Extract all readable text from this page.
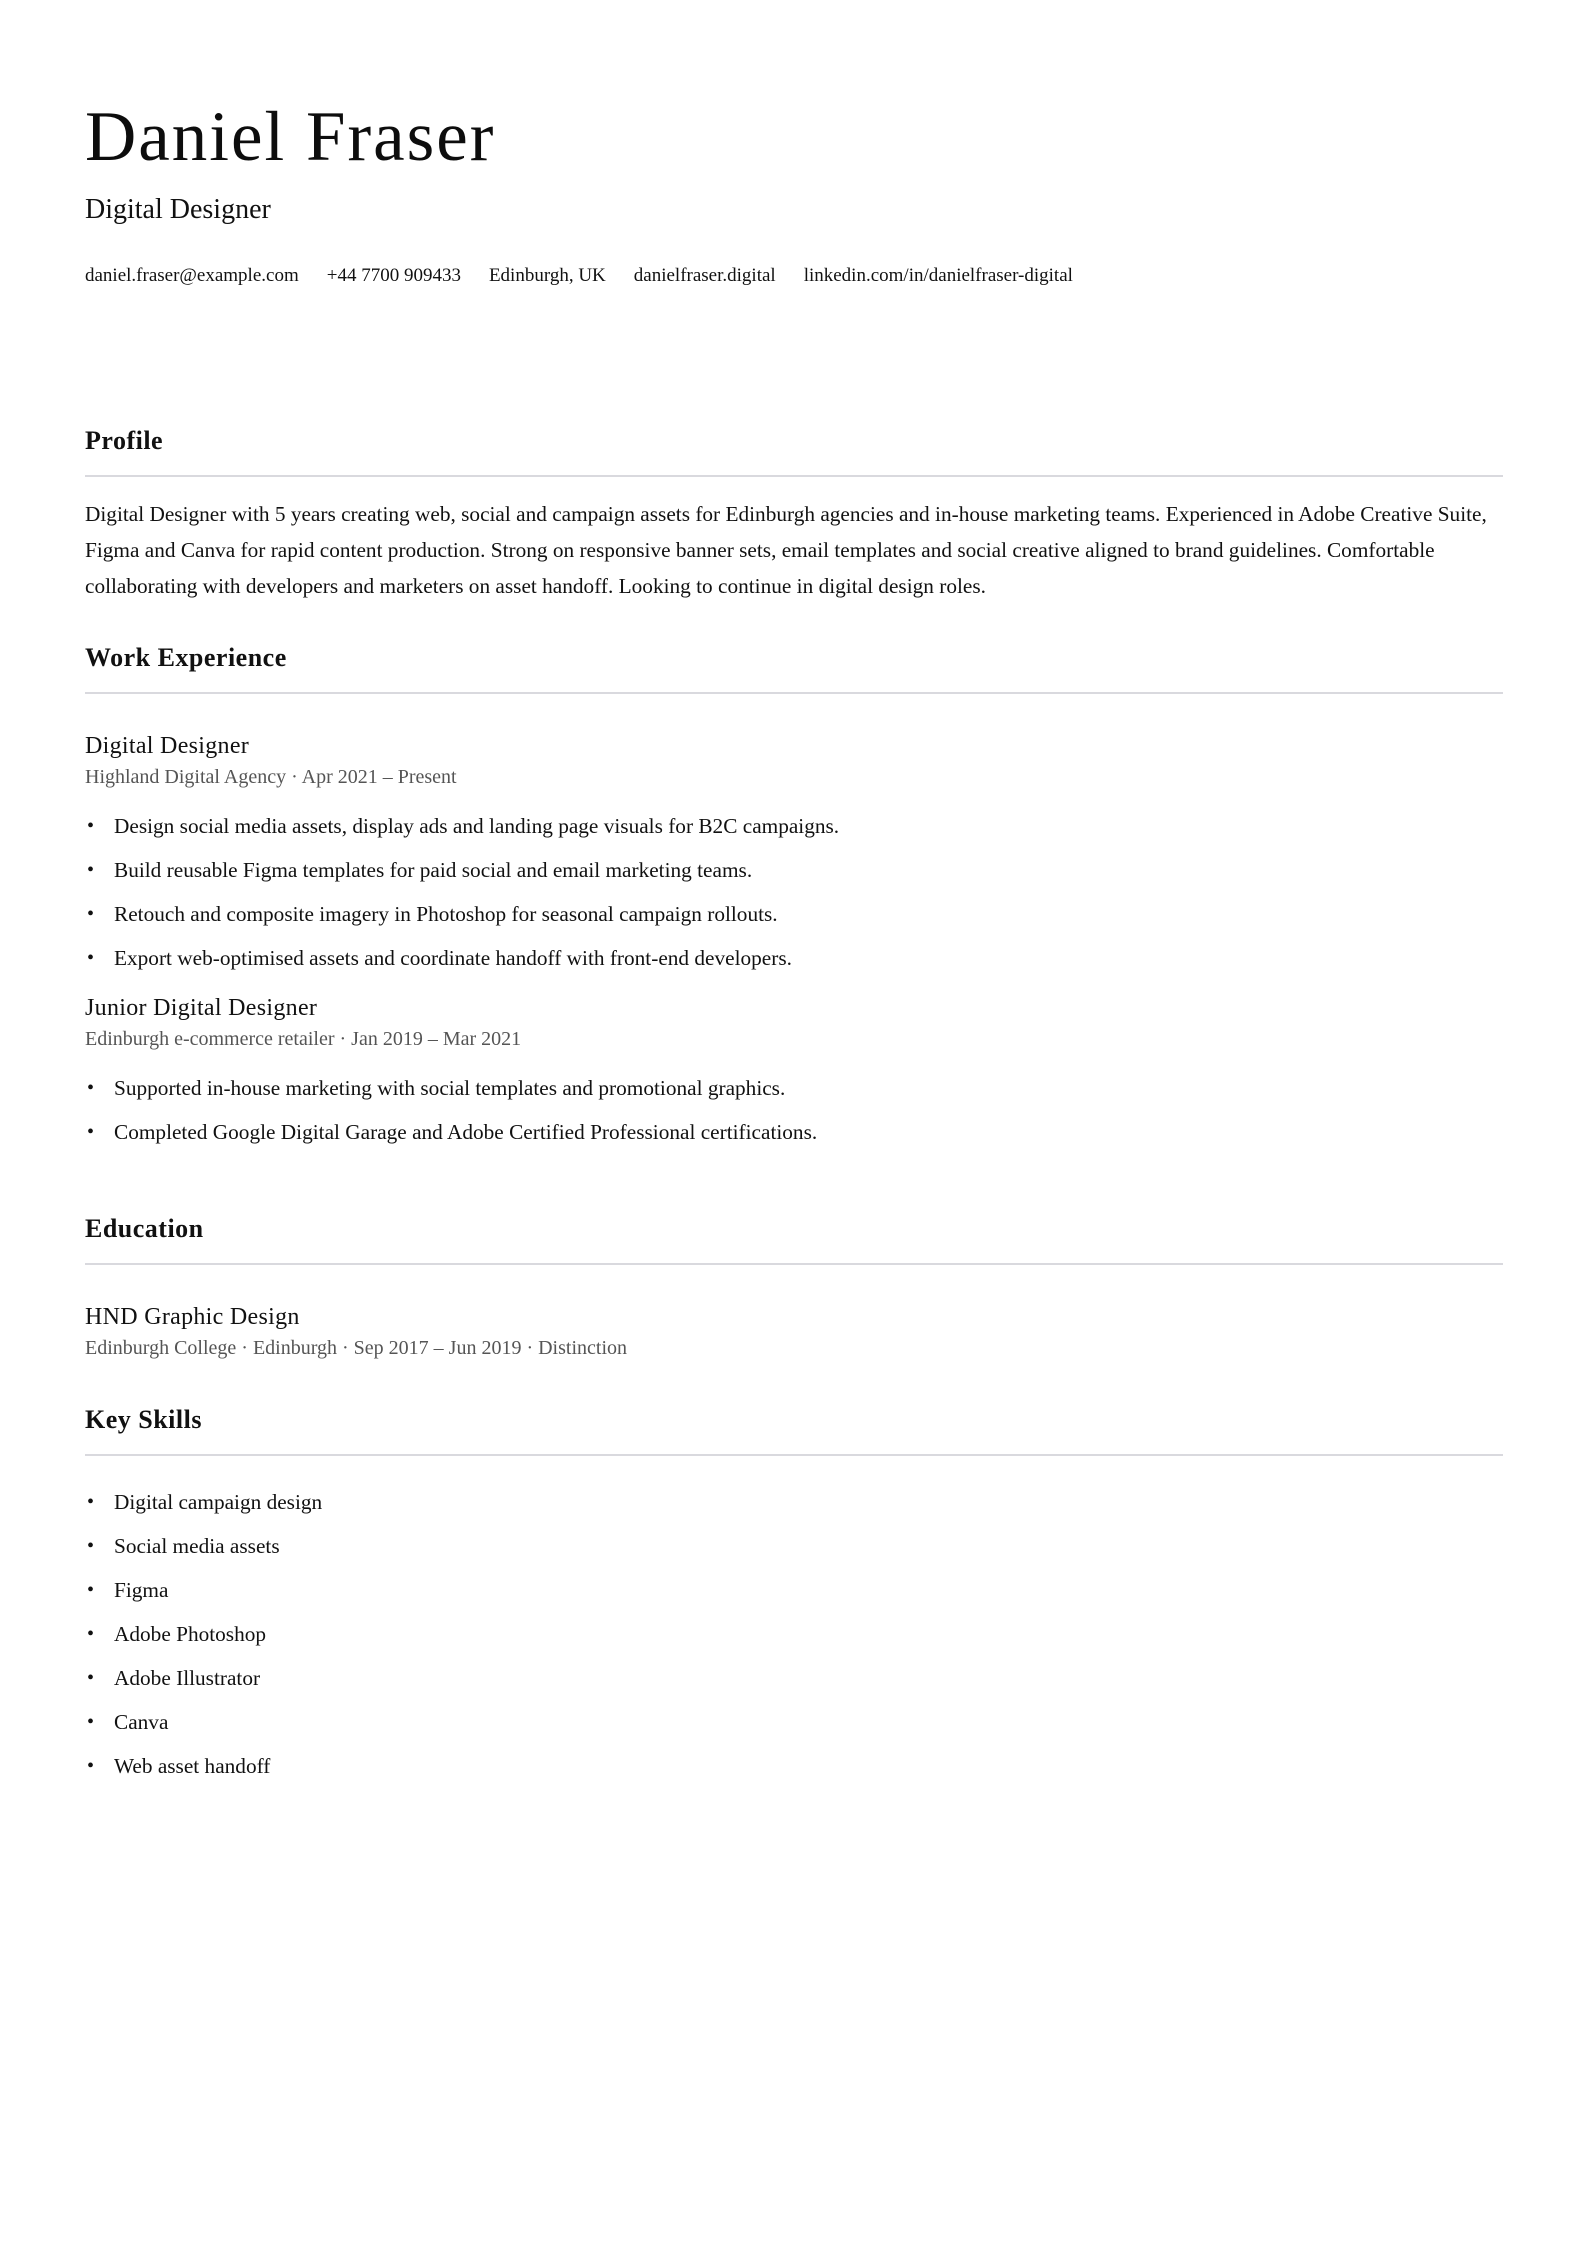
Daniel Fraser
Digital Designer
daniel.fraser@example.com +44 7700 909433 Edinburgh, UK danielfraser.digital linkedin.com/in/danielfraser-digital
Profile

Digital Designer with 5 years creating web, social and campaign assets for Edinburgh agencies and in-house marketing teams. Experienced in Adobe Creative Suite, Figma and Canva for rapid content production. Strong on responsive banner sets, email templates and social creative aligned to brand guidelines. Comfortable collaborating with developers and marketers on asset handoff. Looking to continue in digital design roles.

Work Experience
Digital Designer
Highland Digital Agency · Apr 2021 – Present
• Design social media assets, display ads and landing page visuals for B2C campaigns.
• Build reusable Figma templates for paid social and email marketing teams.
• Retouch and composite imagery in Photoshop for seasonal campaign rollouts.
• Export web-optimised assets and coordinate handoff with front-end developers.
Junior Digital Designer
Edinburgh e-commerce retailer · Jan 2019 – Mar 2021
• Supported in-house marketing with social templates and promotional graphics.
• Completed Google Digital Garage and Adobe Certified Professional certifications.
Education
HND Graphic Design
Edinburgh College · Edinburgh · Sep 2017 – Jun 2019 · Distinction
Key Skills
• Digital campaign design
• Social media assets
• Figma
• Adobe Photoshop
• Adobe Illustrator
• Canva
• Web asset handoff
